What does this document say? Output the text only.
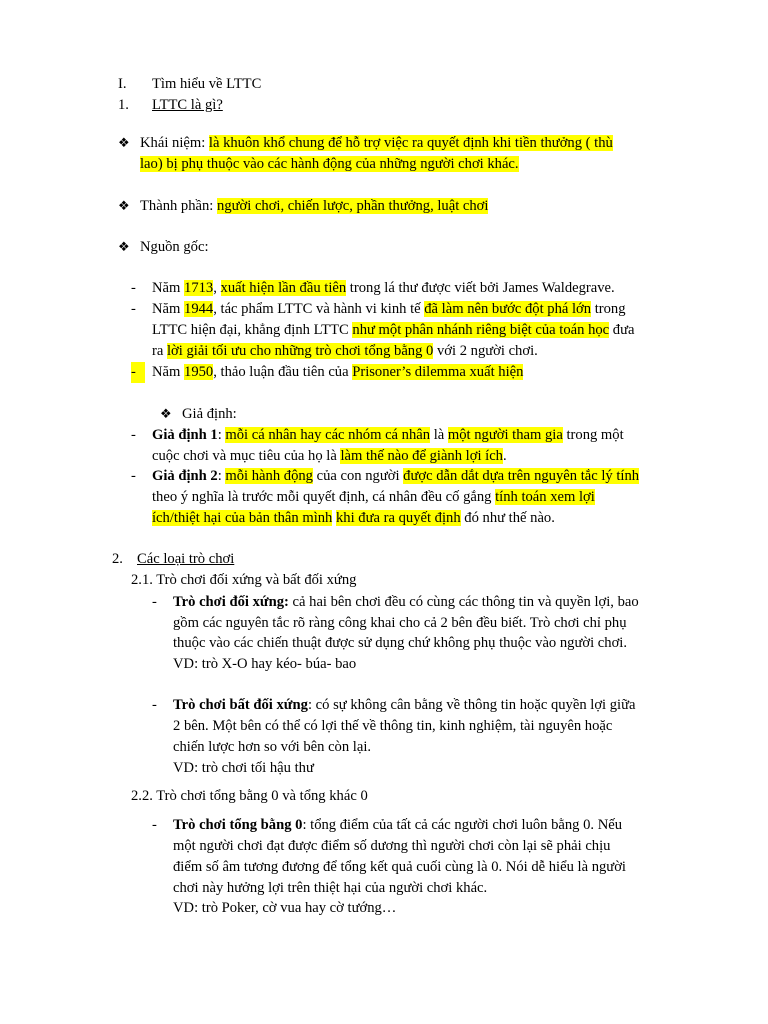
I. Tìm hiểu về LTTC
1. LTTC là gì?
❖ Khái niệm: là khuôn khổ chung để hỗ trợ việc ra quyết định khi tiền thưởng ( thù
lao) bị phụ thuộc vào các hành động của những người chơi khác.
❖ Thành phần: người chơi, chiến lược, phần thưởng, luật chơi
❖ Nguồn gốc:
- Năm 1713, xuất hiện lần đầu tiên trong lá thư được viết bởi James Waldegrave.
- Năm 1944, tác phẩm LTTC và hành vi kinh tế đã làm nên bước đột phá lớn trong
LTTC hiện đại, khẳng định LTTC như một phân nhánh riêng biệt của toán học đưa
ra lời giải tối ưu cho những trò chơi tổng bằng 0 với 2 người chơi.
-	Năm 1950, thảo luận đầu tiên của Prisoner’s dilemma xuất hiện
❖ Giả định:
- Giả định 1: mỗi cá nhân hay các nhóm cá nhân là một người tham gia trong một
cuộc chơi và mục tiêu của họ là làm thế nào để giành lợi ích.
- Giả định 2: mỗi hành động của con người được dẫn dắt dựa trên nguyên tắc lý tính
theo ý nghĩa là trước mỗi quyết định, cá nhân đều cố gắng tính toán xem lợi
ích/thiệt hại của bản thân mình khi đưa ra quyết định đó như thế nào.
2. Các loại trò chơi
2.1. Trò chơi đối xứng và bất đối xứng
- Trò chơi đối xứng: cả hai bên chơi đều có cùng các thông tin và quyền lợi, bao
gồm các nguyên tắc rõ ràng công khai cho cả 2 bên đều biết. Trò chơi chỉ phụ
thuộc vào các chiến thuật được sử dụng chứ không phụ thuộc vào người chơi.
VD: trò X-O hay kéo- búa- bao
- Trò chơi bất đối xứng: có sự không cân bằng về thông tin hoặc quyền lợi giữa
2 bên. Một bên có thể có lợi thế về thông tin, kinh nghiệm, tài nguyên hoặc
chiến lược hơn so với bên còn lại.
VD: trò chơi tối hậu thư
2.2. Trò chơi tổng bằng 0 và tổng khác 0
- Trò chơi tổng bằng 0: tổng điểm của tất cả các người chơi luôn bằng 0. Nếu
một người chơi đạt được điểm số dương thì người chơi còn lại sẽ phải chịu
điểm số âm tương đương để tổng kết quả cuối cùng là 0. Nói dễ hiểu là người
chơi này hưởng lợi trên thiệt hại của người chơi khác.
VD: trò Poker, cờ vua hay cờ tướng…
